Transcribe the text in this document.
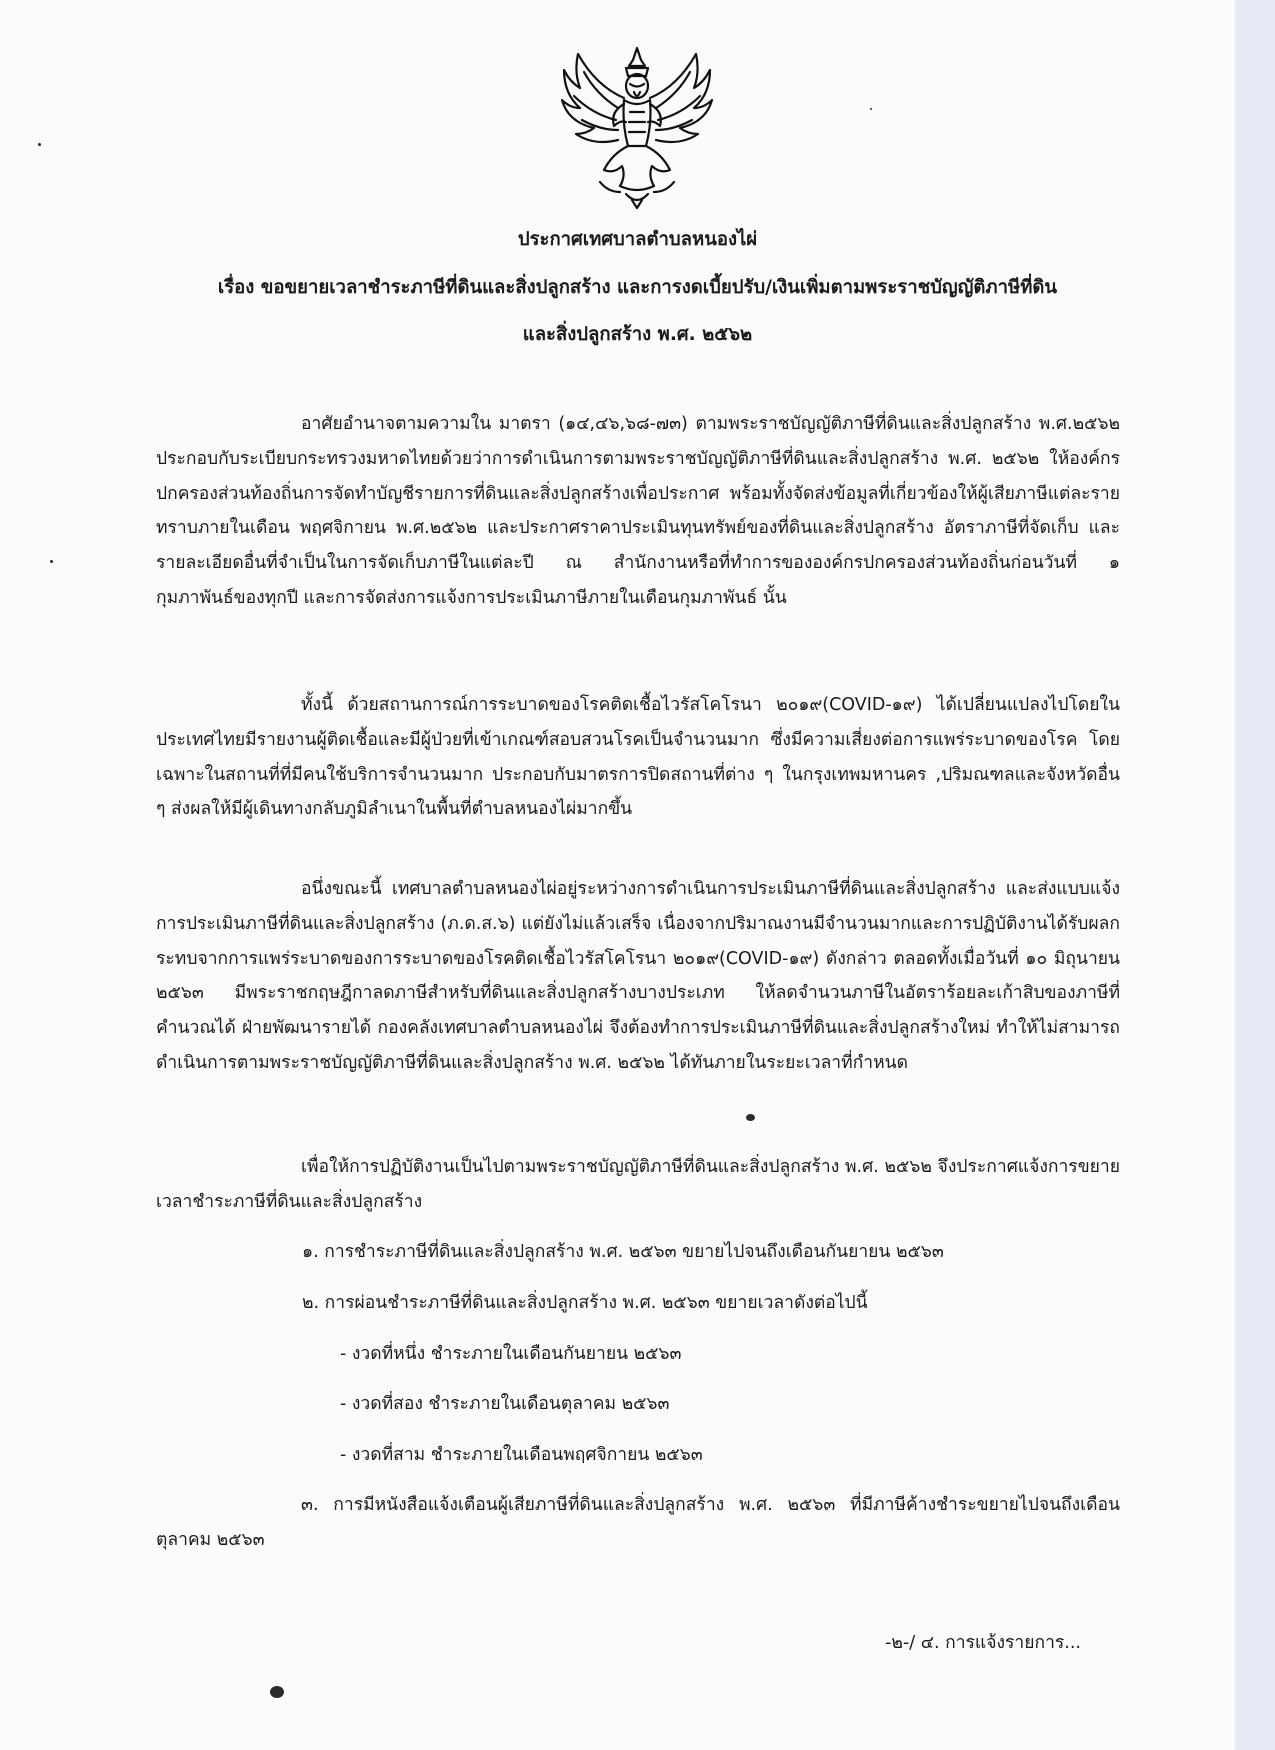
ประกาศเทศบาลตำบลหนองไผ่
เรื่อง ขอขยายเวลาชำระภาษีที่ดินและสิ่งปลูกสร้าง และการงดเบี้ยปรับ/เงินเพิ่มตามพระราชบัญญัติภาษีที่ดิน
และสิ่งปลูกสร้าง พ.ศ. ๒๕๖๒
อาศัยอำนาจตามความใน มาตรา (๑๔,๔๖,๖๘-๗๓) ตามพระราชบัญญัติภาษีที่ดินและสิ่งปลูกสร้าง พ.ศ.๒๕๖๒ ประกอบกับระเบียบกระทรวงมหาดไทยด้วยว่าการดำเนินการตามพระราชบัญญัติภาษีที่ดินและสิ่งปลูกสร้าง พ.ศ. ๒๕๖๒ ให้องค์กรปกครองส่วนท้องถิ่นการจัดทำบัญชีรายการที่ดินและสิ่งปลูกสร้างเพื่อประกาศ พร้อมทั้งจัดส่งข้อมูลที่เกี่ยวข้องให้ผู้เสียภาษีแต่ละรายทราบภายในเดือน พฤศจิกายน พ.ศ.๒๕๖๒ และประกาศราคาประเมินทุนทรัพย์ของที่ดินและสิ่งปลูกสร้าง อัตราภาษีที่จัดเก็บ และรายละเอียดอื่นที่จำเป็นในการจัดเก็บภาษีในแต่ละปี ณ สำนักงานหรือที่ทำการขององค์กรปกครองส่วนท้องถิ่นก่อนวันที่ ๑ กุมภาพันธ์ของทุกปี และการจัดส่งการแจ้งการประเมินภาษีภายในเดือนกุมภาพันธ์ นั้น
ทั้งนี้ ด้วยสถานการณ์การระบาดของโรคติดเชื้อไวรัสโคโรนา ๒๐๑๙(COVID-๑๙) ได้เปลี่ยนแปลงไปโดยในประเทศไทยมีรายงานผู้ติดเชื้อและมีผู้ป่วยที่เข้าเกณฑ์สอบสวนโรคเป็นจำนวนมาก ซึ่งมีความเสี่ยงต่อการแพร่ระบาดของโรค โดยเฉพาะในสถานที่ที่มีคนใช้บริการจำนวนมาก ประกอบกับมาตรการปิดสถานที่ต่าง ๆ ในกรุงเทพมหานคร ,ปริมณฑลและจังหวัดอื่น ๆ ส่งผลให้มีผู้เดินทางกลับภูมิลำเนาในพื้นที่ตำบลหนองไผ่มากขึ้น
อนึ่งขณะนี้ เทศบาลตำบลหนองไผ่อยู่ระหว่างการดำเนินการประเมินภาษีที่ดินและสิ่งปลูกสร้าง และส่งแบบแจ้งการประเมินภาษีที่ดินและสิ่งปลูกสร้าง (ภ.ด.ส.๖) แต่ยังไม่แล้วเสร็จ เนื่องจากปริมาณงานมีจำนวนมากและการปฏิบัติงานได้รับผลกระทบจากการแพร่ระบาดของการระบาดของโรคติดเชื้อไวรัสโคโรนา ๒๐๑๙(COVID-๑๙) ดังกล่าว ตลอดทั้งเมื่อวันที่ ๑๐ มิถุนายน ๒๕๖๓ มีพระราชกฤษฎีกาลดภาษีสำหรับที่ดินและสิ่งปลูกสร้างบางประเภท ให้ลดจำนวนภาษีในอัตราร้อยละเก้าสิบของภาษีที่คำนวณได้ ฝ่ายพัฒนารายได้ กองคลังเทศบาลตำบลหนองไผ่ จึงต้องทำการประเมินภาษีที่ดินและสิ่งปลูกสร้างใหม่ ทำให้ไม่สามารถดำเนินการตามพระราชบัญญัติภาษีที่ดินและสิ่งปลูกสร้าง พ.ศ. ๒๕๖๒ ได้ทันภายในระยะเวลาที่กำหนด
เพื่อให้การปฏิบัติงานเป็นไปตามพระราชบัญญัติภาษีที่ดินและสิ่งปลูกสร้าง พ.ศ. ๒๕๖๒ จึงประกาศแจ้งการขยายเวลาชำระภาษีที่ดินและสิ่งปลูกสร้าง
๑. การชำระภาษีที่ดินและสิ่งปลูกสร้าง พ.ศ. ๒๕๖๓ ขยายไปจนถึงเดือนกันยายน ๒๕๖๓
๒. การผ่อนชำระภาษีที่ดินและสิ่งปลูกสร้าง พ.ศ. ๒๕๖๓ ขยายเวลาดังต่อไปนี้
- งวดที่หนึ่ง ชำระภายในเดือนกันยายน ๒๕๖๓
- งวดที่สอง ชำระภายในเดือนตุลาคม ๒๕๖๓
- งวดที่สาม ชำระภายในเดือนพฤศจิกายน ๒๕๖๓
๓. การมีหนังสือแจ้งเตือนผู้เสียภาษีที่ดินและสิ่งปลูกสร้าง พ.ศ. ๒๕๖๓ ที่มีภาษีค้างชำระขยายไปจนถึงเดือนตุลาคม ๒๕๖๓
-๒-/ ๔. การแจ้งรายการ...
